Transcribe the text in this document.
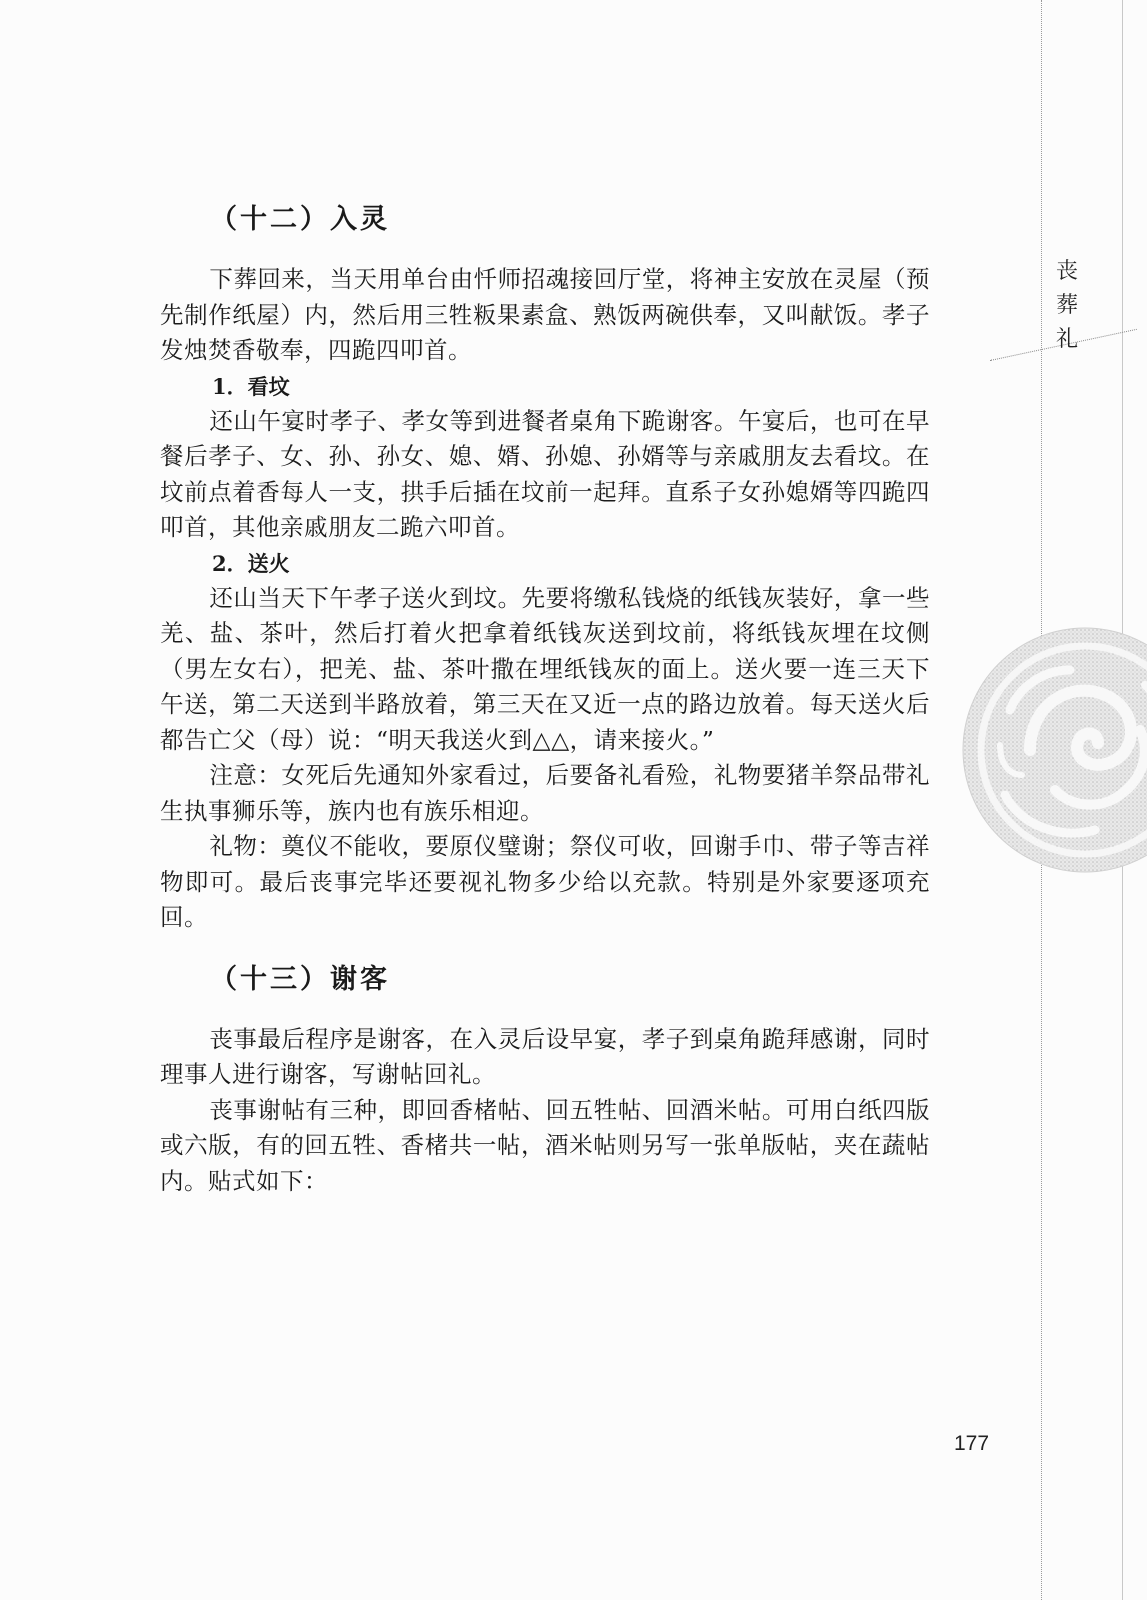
丧
葬
礼
（十二）入灵

下葬回来，当天用单台由忏师招魂接回厅堂，将神主安放在灵屋（预先制作纸屋）内，然后用三牲粄果素盒、熟饭两碗供奉，又叫献饭。孝子发烛焚香敬奉，四跪四叩首。

1．看坟

还山午宴时孝子、孝女等到进餐者桌角下跪谢客。午宴后，也可在早餐后孝子、女、孙、孙女、媳、婿、孙媳、孙婿等与亲戚朋友去看坟。在坟前点着香每人一支，拱手后插在坟前一起拜。直系子女孙媳婿等四跪四叩首，其他亲戚朋友二跪六叩首。

2．送火

还山当天下午孝子送火到坟。先要将缴私钱烧的纸钱灰装好，拿一些羌、盐、茶叶，然后打着火把拿着纸钱灰送到坟前，将纸钱灰埋在坟侧（男左女右），把羌、盐、茶叶撒在埋纸钱灰的面上。送火要一连三天下午送，第二天送到半路放着，第三天在又近一点的路边放着。每天送火后都告亡父（母）说：“明天我送火到△△，请来接火。”

注意：女死后先通知外家看过，后要备礼看殓，礼物要猪羊祭品带礼生执事狮乐等，族内也有族乐相迎。

礼物：奠仪不能收，要原仪璧谢；祭仪可收，回谢手巾、带子等吉祥物即可。最后丧事完毕还要视礼物多少给以充款。特别是外家要逐项充回。

（十三）谢客

丧事最后程序是谢客，在入灵后设早宴，孝子到桌角跪拜感谢，同时理事人进行谢客，写谢帖回礼。

丧事谢帖有三种，即回香楮帖、回五牲帖、回酒米帖。可用白纸四版或六版，有的回五牲、香楮共一帖，酒米帖则另写一张单版帖，夹在蔬帖内。贴式如下：

177
